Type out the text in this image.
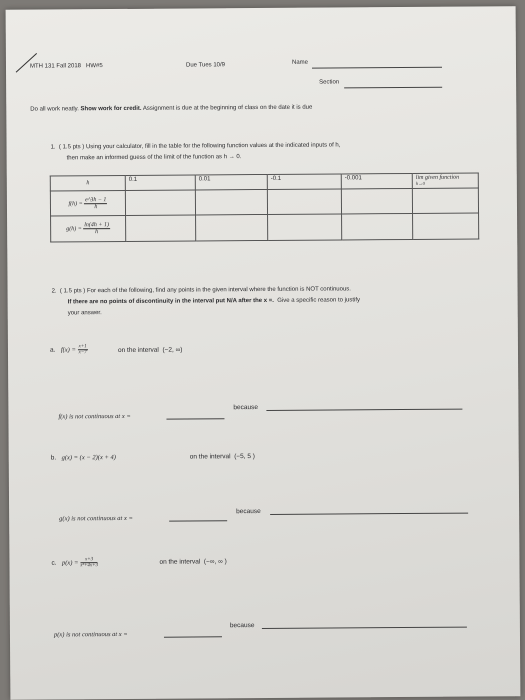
MTH 131 Fall 2018 HW#5	Due Tues 10/9	Name
Section
Do all work neatly. Show work for credit. Assignment is due at the beginning of class on the date it is due
1. ( 1.5 pts ) Using your calculator, fill in the table for the following function values at the indicated inputs of h,
then make an informed guess of the limit of the function as h → 0.
h	0.1	0.01	-0.1	-0.001	lim given function
h→0
$f(h) = \frac{e\^{}3h - 1}{h}$

$g(h) = \frac{\ln(4h + 1)}{h}$

2. ( 1.5 pts ) For each of the following, find any points in the given interval where the function is NOT continuous.
If there are no points of discontinuity in the interval put N/A after the x =. Give a specific reason to justify
your answer.
a. $f(x) = \frac{x+1}{x-7}$	on the interval (−2, ∞)
f(x) is not continuous at x =
because
b. g(x) = (x − 2)(x + 4)	on the interval (−5, 5 )
g(x) is not continuous at x =
because
c. $p(x) = \frac{x+3}{\text{x²+4x+3}}$	on the interval (−∞, ∞ )
p(x) is not continuous at x =
because
